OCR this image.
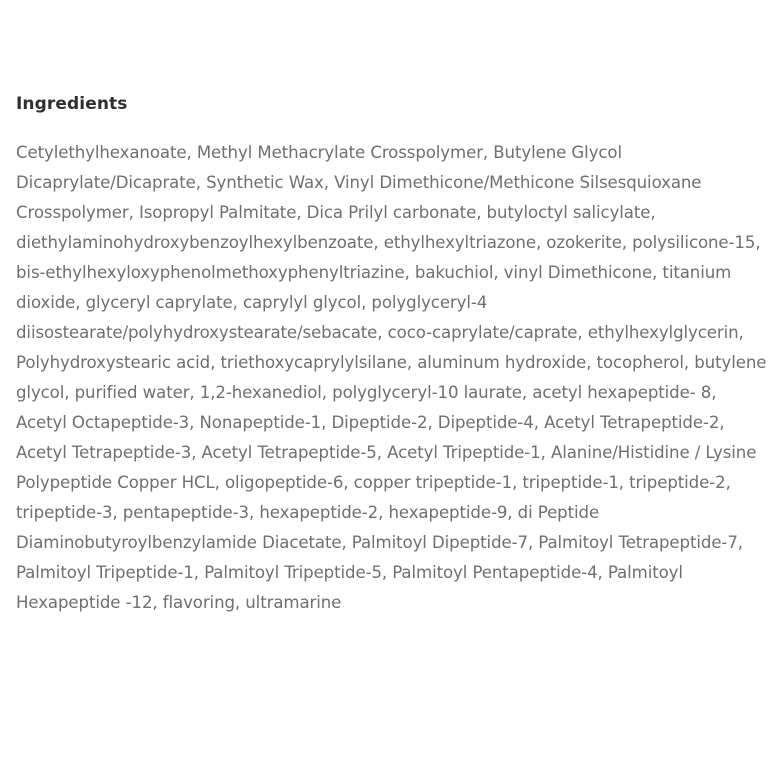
Ingredients

Cetylethylhexanoate, Methyl Methacrylate Crosspolymer, Butylene Glycol Dicaprylate/Dicaprate, Synthetic Wax, Vinyl Dimethicone/Methicone Silsesquioxane Crosspolymer, Isopropyl Palmitate, Dica Prilyl carbonate, butyloctyl salicylate, diethylaminohydroxybenzoylhexylbenzoate, ethylhexyltriazone, ozokerite, polysilicone-15, bis-ethylhexyloxyphenolmethoxyphenyltriazine, bakuchiol, vinyl Dimethicone, titanium dioxide, glyceryl caprylate, caprylyl glycol, polyglyceryl-4 diisostearate/polyhydroxystearate/sebacate, coco-caprylate/caprate, ethylhexylglycerin, Polyhydroxystearic acid, triethoxycaprylylsilane, aluminum hydroxide, tocopherol, butylene glycol, purified water, 1,2-hexanediol, polyglyceryl-10 laurate, acetyl hexapeptide- 8, Acetyl Octapeptide-3, Nonapeptide-1, Dipeptide-2, Dipeptide-4, Acetyl Tetrapeptide-2, Acetyl Tetrapeptide-3, Acetyl Tetrapeptide-5, Acetyl Tripeptide-1, Alanine/Histidine / Lysine Polypeptide Copper HCL, oligopeptide-6, copper tripeptide-1, tripeptide-1, tripeptide-2, tripeptide-3, pentapeptide-3, hexapeptide-2, hexapeptide-9, di Peptide Diaminobutyroylbenzylamide Diacetate, Palmitoyl Dipeptide-7, Palmitoyl Tetrapeptide-7, Palmitoyl Tripeptide-1, Palmitoyl Tripeptide-5, Palmitoyl Pentapeptide-4, Palmitoyl Hexapeptide -12, flavoring, ultramarine
